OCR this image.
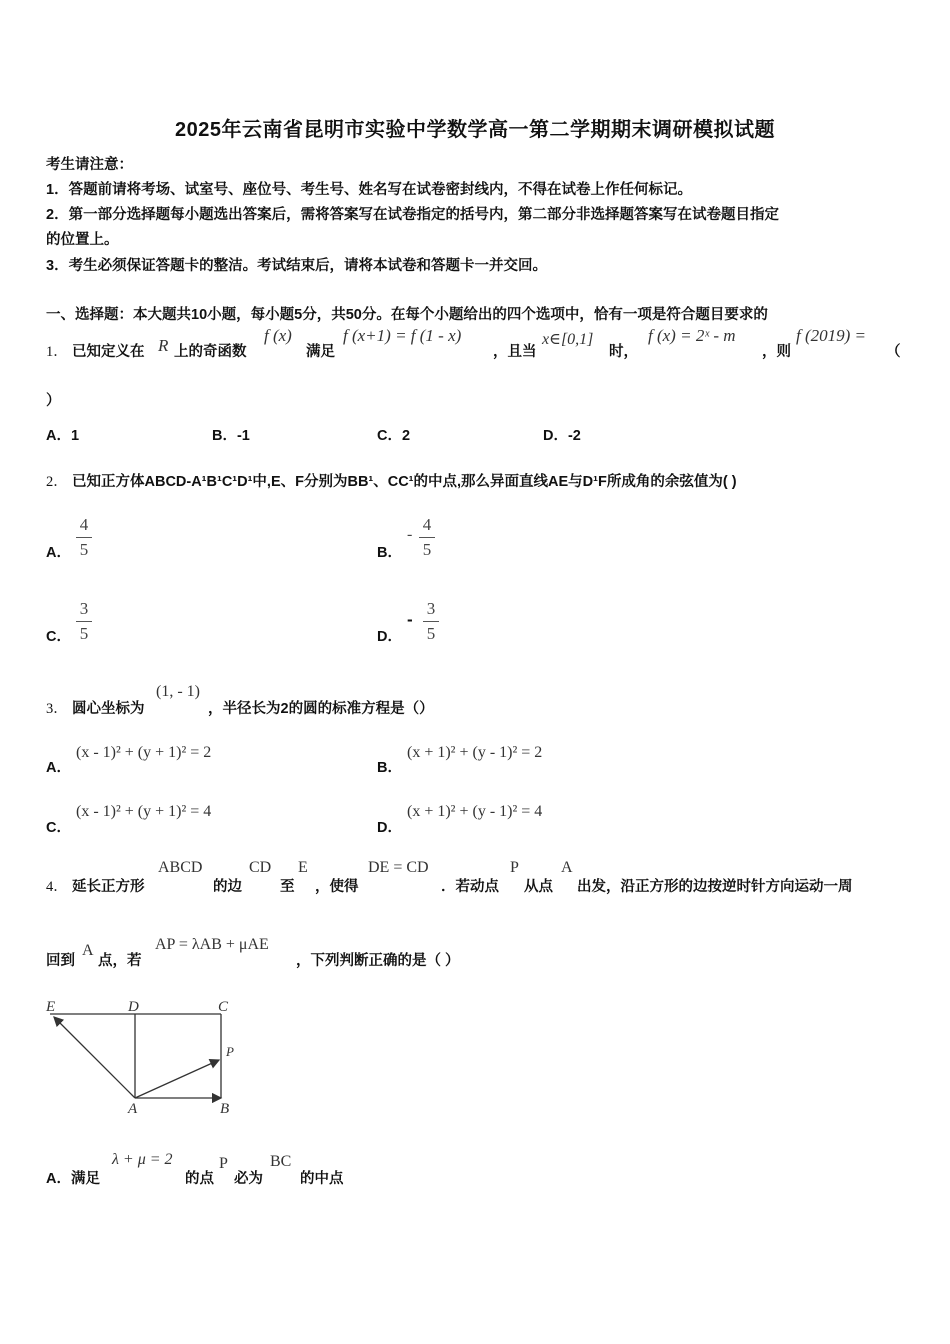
2025年云南省昆明市实验中学数学高一第二学期期末调研模拟试题
考生请注意：
1．答题前请将考场、试室号、座位号、考生号、姓名写在试卷密封线内，不得在试卷上作任何标记。
2．第一部分选择题每小题选出答案后，需将答案写在试卷指定的括号内，第二部分非选择题答案写在试卷题目指定
的位置上。
3．考生必须保证答题卡的整洁。考试结束后，请将本试卷和答题卡一并交回。
一、选择题：本大题共10小题，每小题5分，共50分。在每个小题给出的四个选项中，恰有一项是符合题目要求的
1． 已知定义在 R 上的奇函数
f (x)
满足
f (x+1) = f (1 - x)
，且当
x∈[0,1]
时，
f (x) = 2ˣ - m
，则
f (2019) =
（
）
A．1	B．-1	C．2	D．-2
2． 已知正方体ABCD-A¹B¹C¹D¹中,E、F分别为BB¹、CC¹的中点,那么异面直线AE与D¹F所成角的余弦值为( )
A．
4
5	B．
-
4
5
C．
3
5	D．
-
3
5
3． 圆心坐标为
(1, - 1)
，半径长为2的圆的标准方程是（）
A．
(x - 1)² + (y + 1)² = 2
B．
(x + 1)² + (y - 1)² = 2
C．
(x - 1)² + (y + 1)² = 4
D．
(x + 1)² + (y - 1)² = 4
4． 延长正方形
ABCD
的边
CD
至
E
，使得
DE = CD
．若动点
P
从点
A
出发，沿正方形的边按逆时针方向运动一周
回到
A
点，若
AP = λAB + μAE
，下列判断正确的是（ ）
E	D	C
P
A	B
A．满足
λ + μ = 2
的点
P
必为
BC
的中点
